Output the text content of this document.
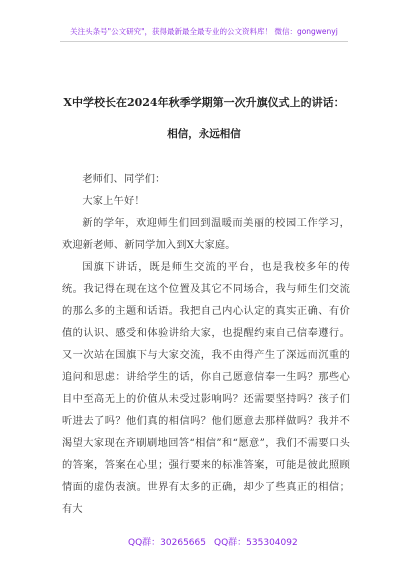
关注头条号"公文研究"，获得最新最全最专业的公文资料库！ 微信：gongwenyj
X中学校长在2024年秋季学期第一次升旗仪式上的讲话：
相信，永远相信

老师们、同学们：

大家上午好！

新的学年，欢迎师生们回到温暖而美丽的校园工作学习，欢迎新老师、新同学加入到X大家庭。

国旗下讲话，既是师生交流的平台，也是我校多年的传统。我记得在现在这个位置及其它不同场合，我与师生们交流的那么多的主题和话语。我把自己内心认定的真实正确、有价值的认识、感受和体验讲给大家，也提醒约束自己信奉遵行。又一次站在国旗下与大家交流，我不由得产生了深远而沉重的追问和思虑：讲给学生的话，你自己愿意信奉一生吗？那些心目中至高无上的价值从未受过影响吗？还需要坚持吗？孩子们听进去了吗？他们真的相信吗？他们愿意去那样做吗？我并不渴望大家现在齐刷刷地回答“相信”和“愿意”，我们不需要口头的答案，答案在心里；强行要来的标准答案，可能是彼此照顾情面的虚伪表演。世界有太多的正确，却少了些真正的相信；有大

QQ群：30265665 QQ群：535304092
